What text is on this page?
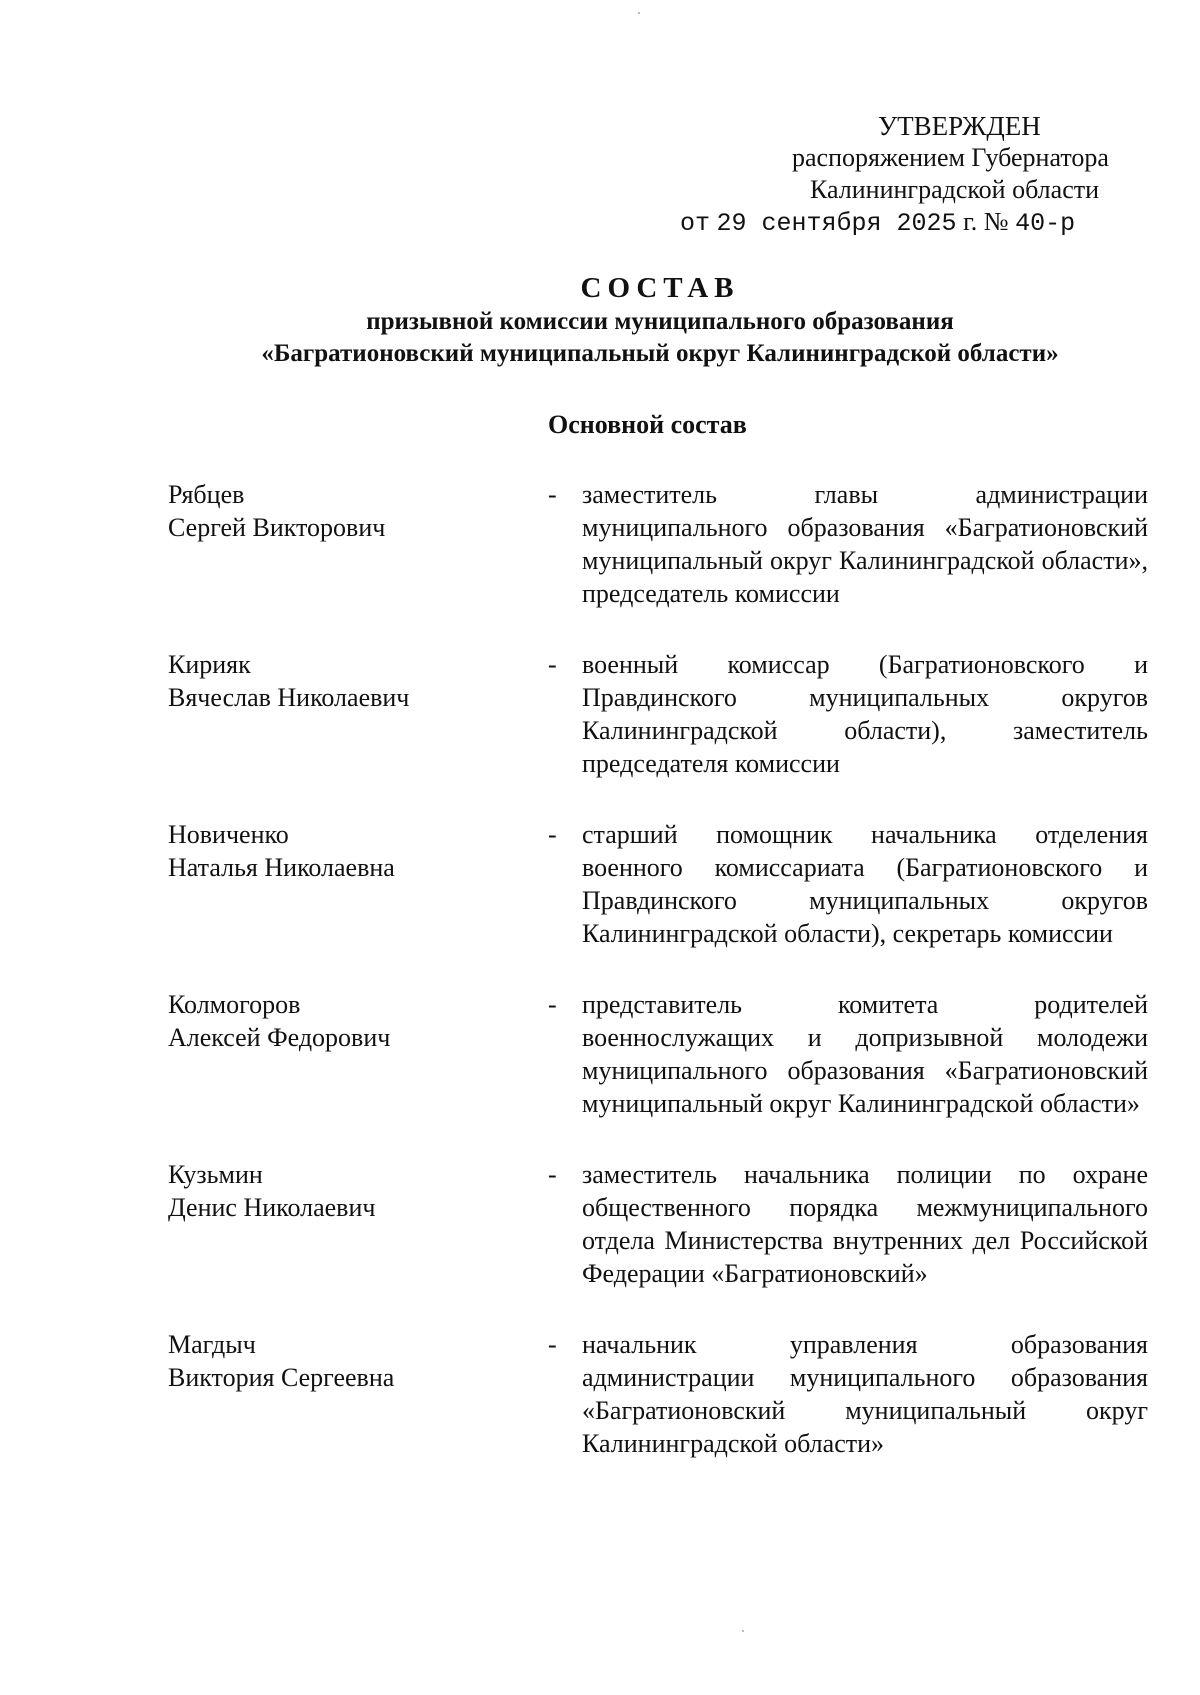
УТВЕРЖДЕН
распоряжением Губернатора
Калининградской области
от 29 сентября 2025 г. № 40-р
СОСТАВ
призывной комиссии муниципального образования
«Багратионовский муниципальный округ Калининградской области»
Основной состав
Рябцев
Сергей Викторович
- заместитель главы администрации муниципального образования «Багратионовский муниципальный округ Калининградской области», председатель комиссии
Кирияк
Вячеслав Николаевич
- военный комиссар (Багратионовского и Правдинского муниципальных округов Калининградской области), заместитель председателя комиссии
Новиченко
Наталья Николаевна
- старший помощник начальника отделения военного комиссариата (Багратионовского и Правдинского муниципальных округов Калининградской области), секретарь комиссии
Колмогоров
Алексей Федорович
- представитель комитета родителей военнослужащих и допризывной молодежи муниципального образования «Багратионовский муниципальный округ Калининградской области»
Кузьмин
Денис Николаевич
- заместитель начальника полиции по охране общественного порядка межмуниципального отдела Министерства внутренних дел Российской Федерации «Багратионовский»
Магдыч
Виктория Сергеевна
- начальник управления образования администрации муниципального образования «Багратионовский муниципальный округ Калининградской области»
